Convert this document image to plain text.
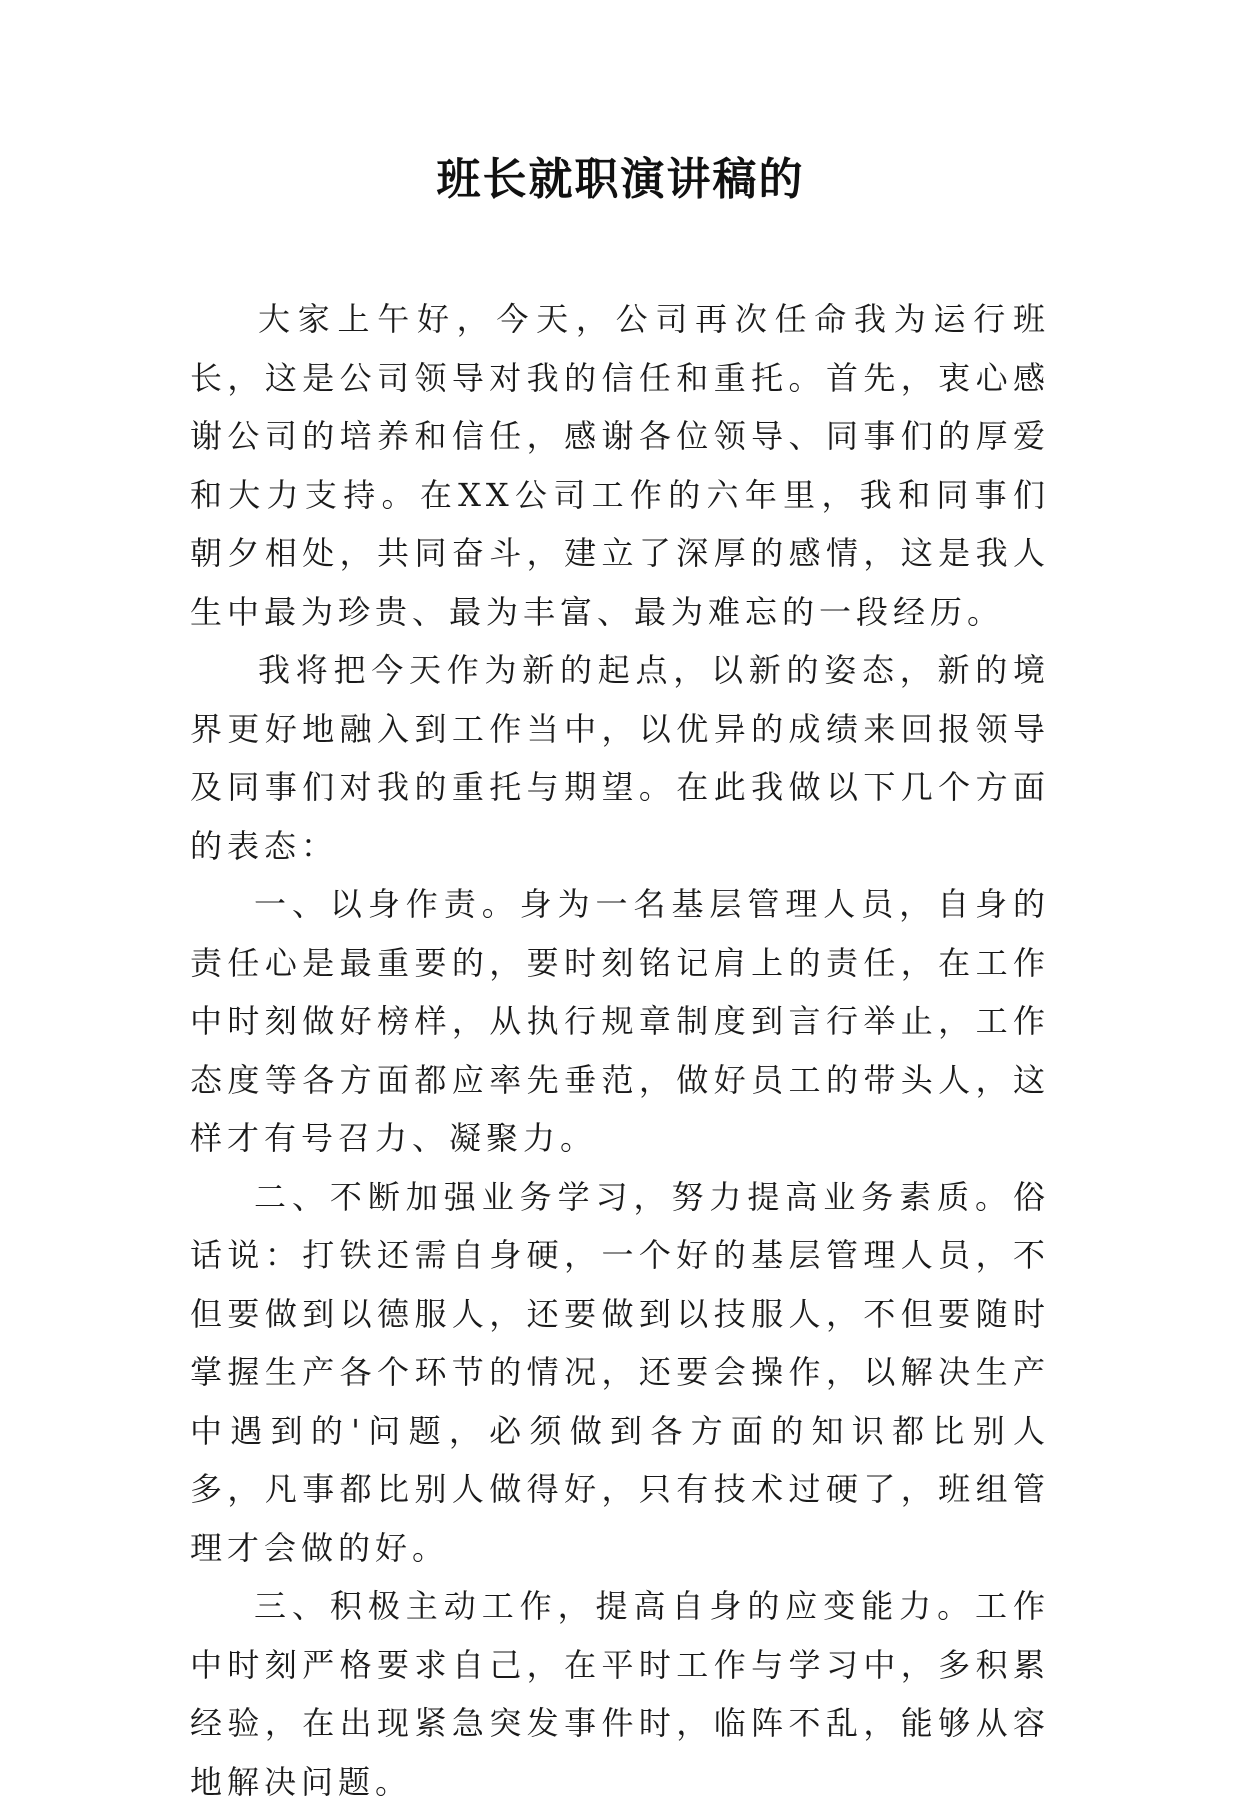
班长就职演讲稿的

大家上午好，今天，公司再次任命我为运行班长，这是公司领导对我的信任和重托。首先，衷心感谢公司的培养和信任，感谢各位领导、同事们的厚爱和大力支持。在XX公司工作的六年里，我和同事们朝夕相处，共同奋斗，建立了深厚的感情，这是我人生中最为珍贵、最为丰富、最为难忘的一段经历。

我将把今天作为新的起点，以新的姿态，新的境界更好地融入到工作当中，以优异的成绩来回报领导及同事们对我的重托与期望。在此我做以下几个方面的表态：

一、以身作责。身为一名基层管理人员，自身的责任心是最重要的，要时刻铭记肩上的责任，在工作中时刻做好榜样，从执行规章制度到言行举止，工作态度等各方面都应率先垂范，做好员工的带头人，这样才有号召力、凝聚力。

二、不断加强业务学习，努力提高业务素质。俗话说：打铁还需自身硬，一个好的基层管理人员，不但要做到以德服人，还要做到以技服人，不但要随时掌握生产各个环节的情况，还要会操作，以解决生产中遇到的'问题，必须做到各方面的知识都比别人多，凡事都比别人做得好，只有技术过硬了，班组管理才会做的好。

三、积极主动工作，提高自身的应变能力。工作中时刻严格要求自己，在平时工作与学习中，多积累经验，在出现紧急突发事件时，临阵不乱，能够从容地解决问题。
